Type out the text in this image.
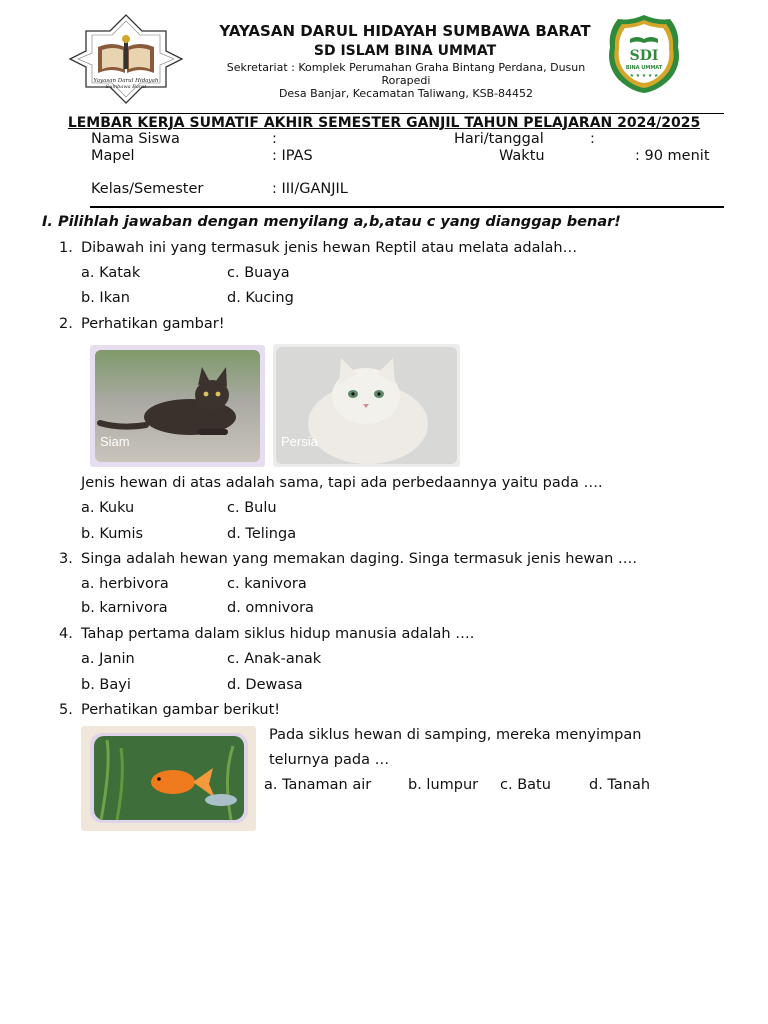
Yayasan Darul Hidayah
Sumbawa Barat
YAYASAN DARUL HIDAYAH SUMBAWA BARAT
SD ISLAM BINA UMMAT
Sekretariat : Komplek Perumahan Graha Bintang Perdana, Dusun
Rorapedi
Desa Banjar, Kecamatan Taliwang, KSB-84452
SDI
BINA UMMAT
★ ★ ★ ★ ★
LEMBAR KERJA SUMATIF AKHIR SEMESTER GANJIL TAHUN PELAJARAN 2024/2025
Nama Siswa	:	Hari/tanggal	:
Mapel	: IPAS	Waktu	: 90 menit
Kelas/Semester	: III/GANJIL
I. Pilihlah jawaban dengan menyilang a,b,atau c yang dianggap benar!
1. Dibawah ini yang termasuk jenis hewan Reptil atau melata adalah…
a. Katak	c. Buaya
b. Ikan	d. Kucing
2. Perhatikan gambar!
Siam	Persia
Jenis hewan di atas adalah sama, tapi ada perbedaannya yaitu pada ….
a. Kuku	c. Bulu
b. Kumis	d. Telinga
3. Singa adalah hewan yang memakan daging. Singa termasuk jenis hewan ….
a. herbivora	c. kanivora
b. karnivora	d. omnivora
4. Tahap pertama dalam siklus hidup manusia adalah ….
a. Janin	c. Anak-anak
b. Bayi	d. Dewasa
5. Perhatikan gambar berikut!
Pada siklus hewan di samping, mereka menyimpan
telurnya pada …
a. Tanaman air	b. lumpur c. Batu	d. Tanah
